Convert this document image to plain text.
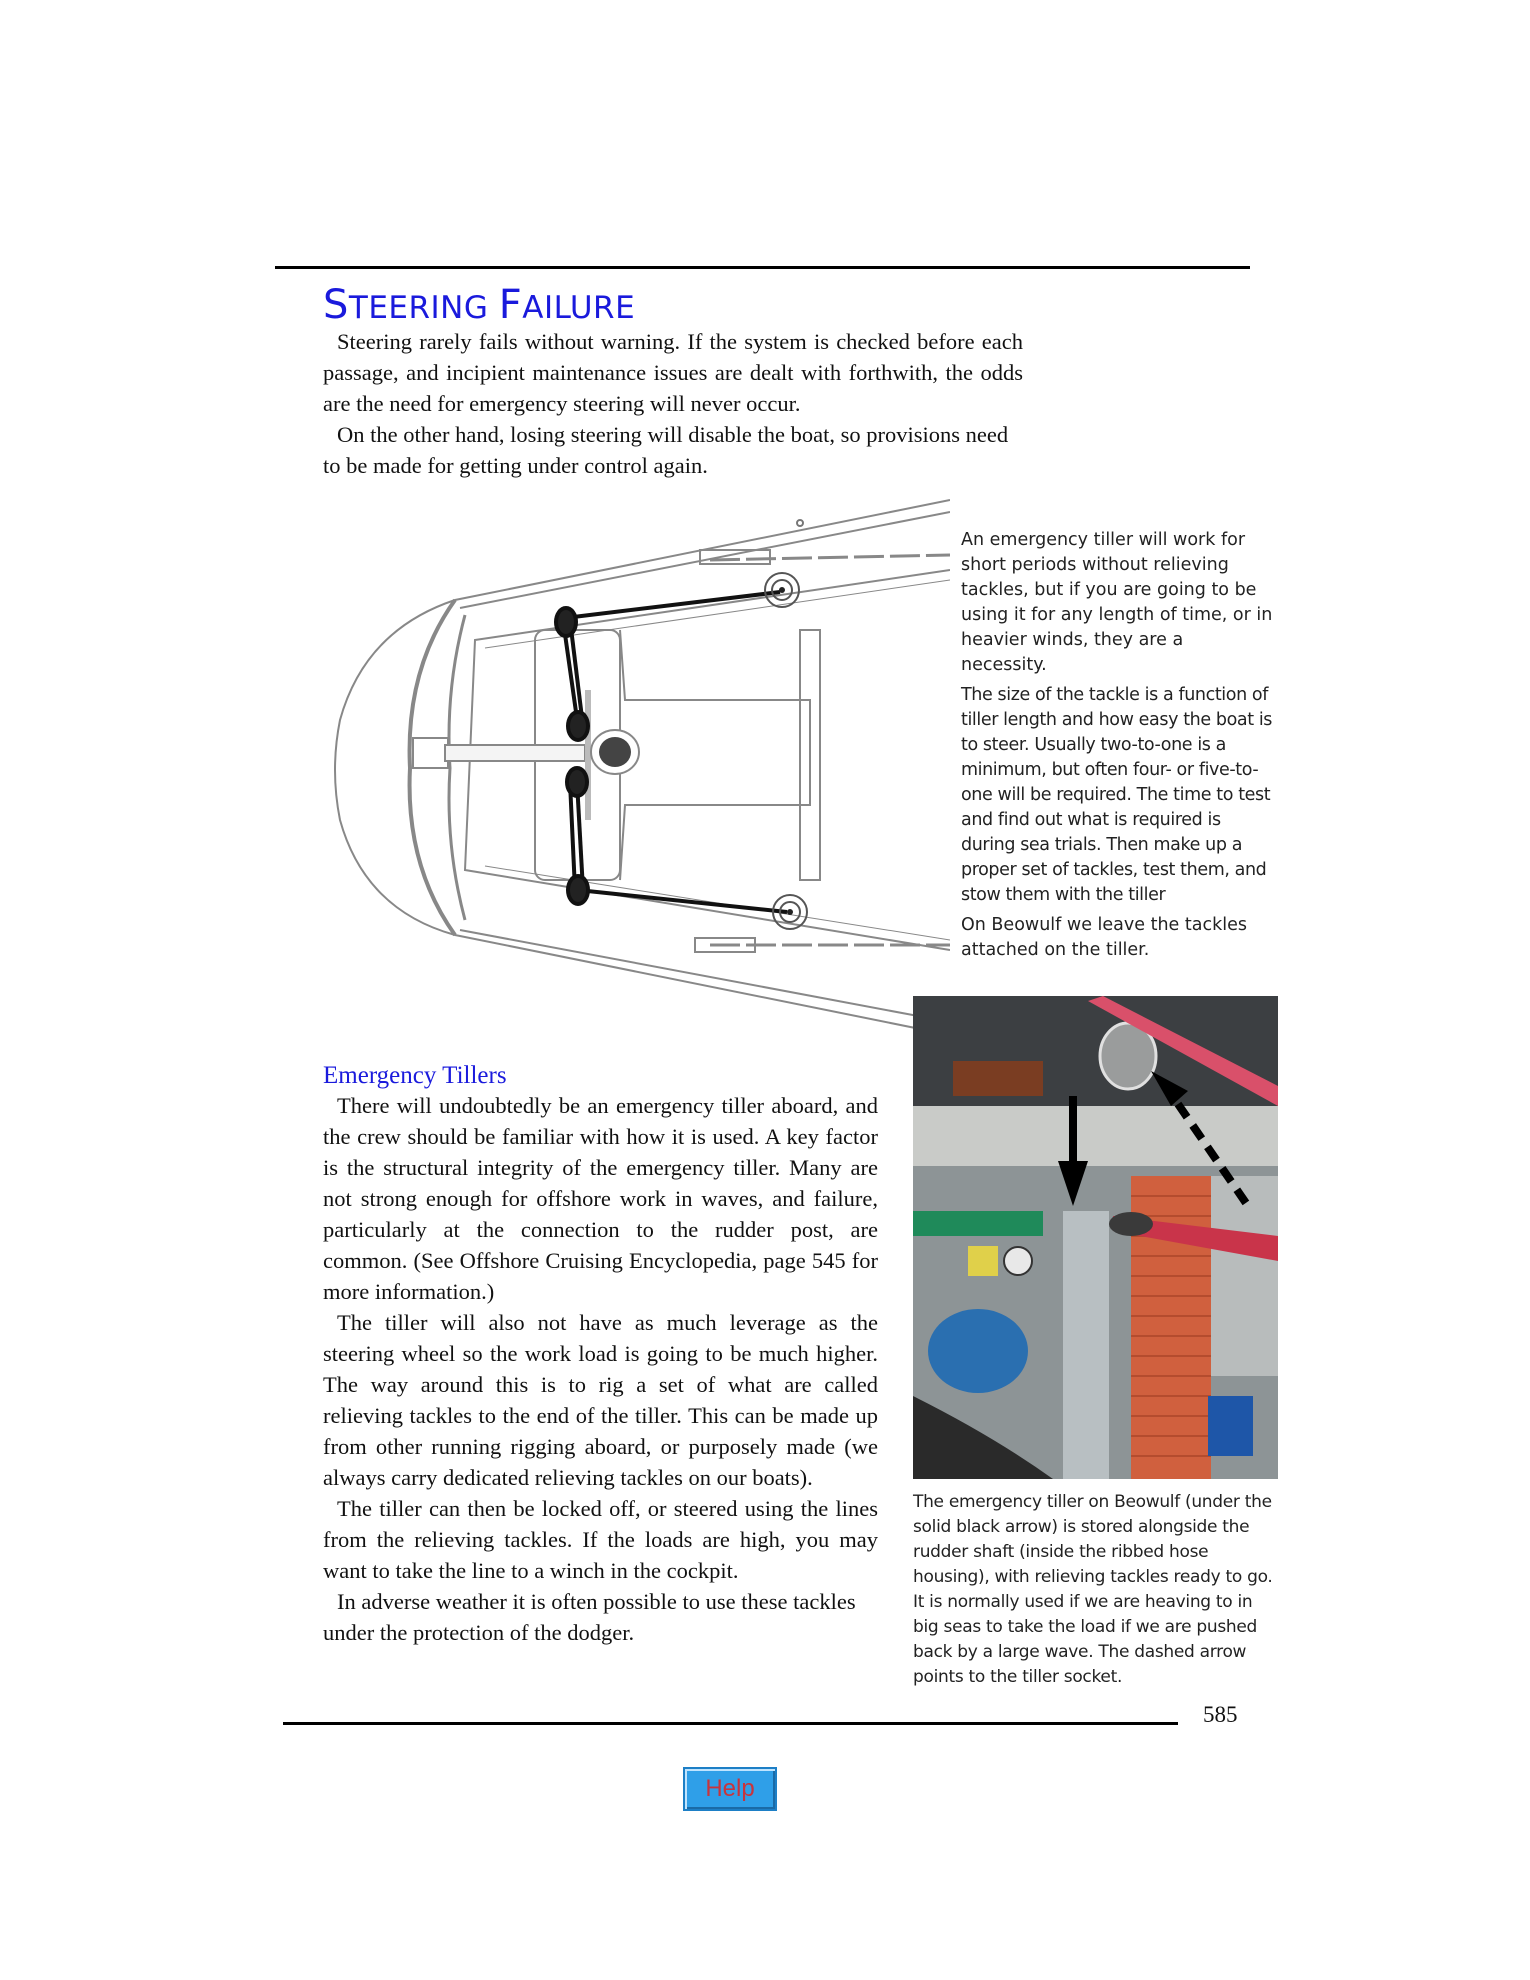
STEERING FAILURE

Steering rarely fails without warning. If the system is checked before each passage, and incipient maintenance issues are dealt with forthwith, the odds are the need for emergency steering will never occur.

On the other hand, losing steering will disable the boat, so provisions need to be made for getting under control again.

An emergency tiller will work for short periods without relieving tackles, but if you are going to be using it for any length of time, or in heavier winds, they are a necessity.

The size of the tackle is a function of tiller length and how easy the boat is to steer. Usually two-to-one is a minimum, but often four- or five-to-one will be required. The time to test and find out what is required is during sea trials. Then make up a proper set of tackles, test them, and stow them with the tiller

On Beowulf we leave the tackles attached on the tiller.

Emergency Tillers

There will undoubtedly be an emergency tiller aboard, and the crew should be familiar with how it is used. A key factor is the structural integrity of the emergency tiller. Many are not strong enough for offshore work in waves, and failure, particularly at the connection to the rudder post, are common. (See Offshore Cruising Encyclopedia, page 545 for more information.)

The tiller will also not have as much leverage as the steering wheel so the work load is going to be much higher. The way around this is to rig a set of what are called relieving tackles to the end of the tiller. This can be made up from other running rigging aboard, or purposely made (we always carry dedicated relieving tackles on our boats).

The tiller can then be locked off, or steered using the lines from the relieving tackles. If the loads are high, you may want to take the line to a winch in the cockpit.

In adverse weather it is often possible to use these tackles under the protection of the dodger.

The emergency tiller on Beowulf (under the solid black arrow) is stored alongside the rudder shaft (inside the ribbed hose housing), with relieving tackles ready to go. It is normally used if we are heaving to in big seas to take the load if we are pushed back by a large wave. The dashed arrow points to the tiller socket.
585
Help
